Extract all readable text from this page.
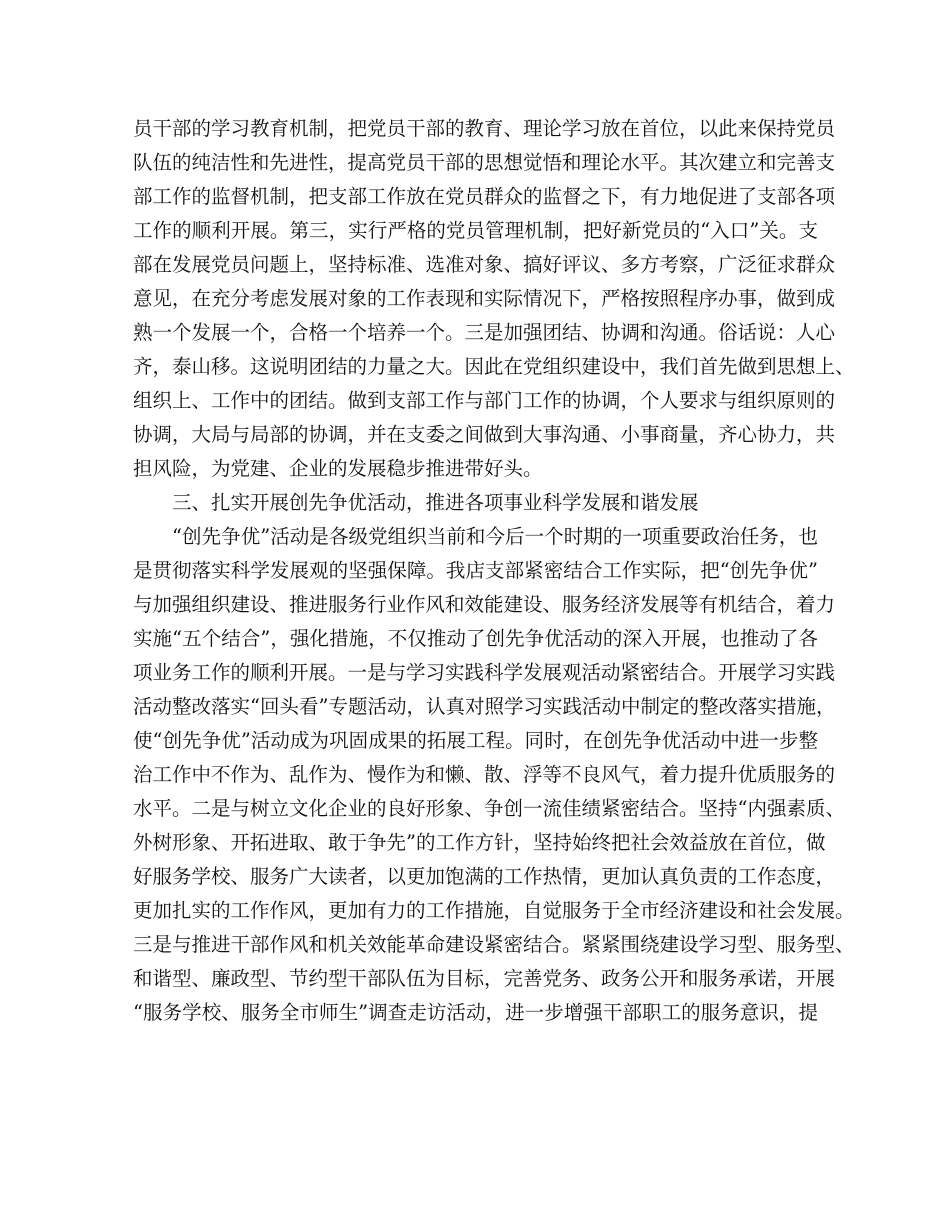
员干部的学习教育机制，把党员干部的教育、理论学习放在首位，以此来保持党员
队伍的纯洁性和先进性，提高党员干部的思想觉悟和理论水平。其次建立和完善支
部工作的监督机制，把支部工作放在党员群众的监督之下，有力地促进了支部各项
工作的顺利开展。第三，实行严格的党员管理机制，把好新党员的“入口”关。支
部在发展党员问题上，坚持标准、选准对象、搞好评议、多方考察，广泛征求群众
意见，在充分考虑发展对象的工作表现和实际情况下，严格按照程序办事，做到成
熟一个发展一个，合格一个培养一个。三是加强团结、协调和沟通。俗话说：人心
齐，泰山移。这说明团结的力量之大。因此在党组织建设中，我们首先做到思想上、
组织上、工作中的团结。做到支部工作与部门工作的协调，个人要求与组织原则的
协调，大局与局部的协调，并在支委之间做到大事沟通、小事商量，齐心协力，共
担风险，为党建、企业的发展稳步推进带好头。
三、扎实开展创先争优活动，推进各项事业科学发展和谐发展
“创先争优”活动是各级党组织当前和今后一个时期的一项重要政治任务，也
是贯彻落实科学发展观的坚强保障。我店支部紧密结合工作实际，把“创先争优”
与加强组织建设、推进服务行业作风和效能建设、服务经济发展等有机结合，着力
实施“五个结合”，强化措施，不仅推动了创先争优活动的深入开展，也推动了各
项业务工作的顺利开展。一是与学习实践科学发展观活动紧密结合。开展学习实践
活动整改落实“回头看”专题活动，认真对照学习实践活动中制定的整改落实措施，
使“创先争优”活动成为巩固成果的拓展工程。同时，在创先争优活动中进一步整
治工作中不作为、乱作为、慢作为和懒、散、浮等不良风气，着力提升优质服务的
水平。二是与树立文化企业的良好形象、争创一流佳绩紧密结合。坚持“内强素质、
外树形象、开拓进取、敢于争先”的工作方针，坚持始终把社会效益放在首位，做
好服务学校、服务广大读者，以更加饱满的工作热情，更加认真负责的工作态度，
更加扎实的工作作风，更加有力的工作措施，自觉服务于全市经济建设和社会发展。
三是与推进干部作风和机关效能革命建设紧密结合。紧紧围绕建设学习型、服务型、
和谐型、廉政型、节约型干部队伍为目标，完善党务、政务公开和服务承诺，开展
“服务学校、服务全市师生”调查走访活动，进一步增强干部职工的服务意识，提
